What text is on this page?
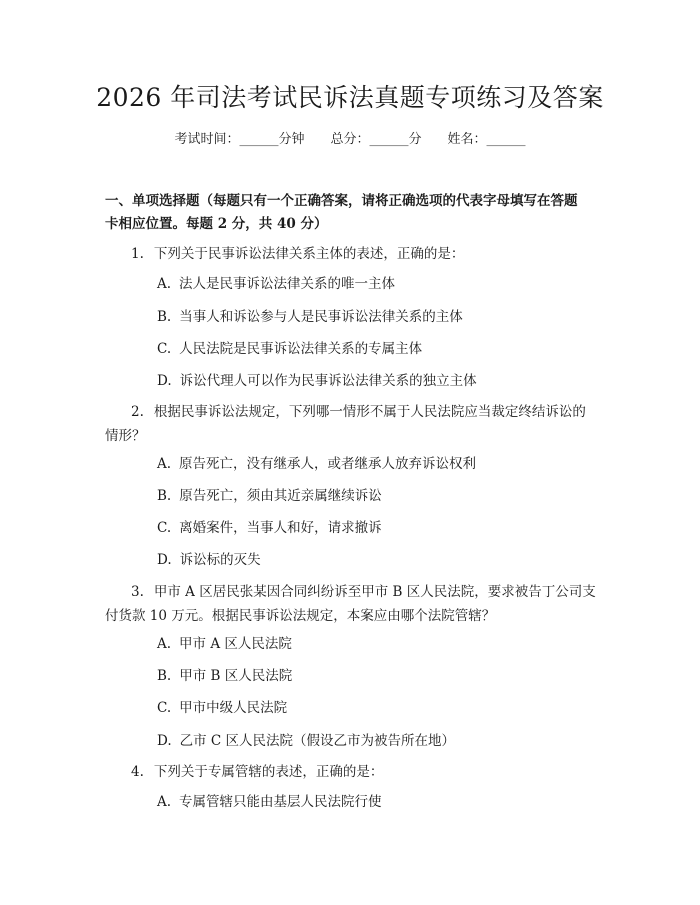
2026 年司法考试民诉法真题专项练习及答案
考试时间：______分钟 总分：______分 姓名：______
一、单项选择题（每题只有一个正确答案，请将正确选项的代表字母填写在答题
卡相应位置。每题 2 分，共 40 分）
1. 下列关于民事诉讼法律关系主体的表述，正确的是：
A. 法人是民事诉讼法律关系的唯一主体
B. 当事人和诉讼参与人是民事诉讼法律关系的主体
C. 人民法院是民事诉讼法律关系的专属主体
D. 诉讼代理人可以作为民事诉讼法律关系的独立主体
2. 根据民事诉讼法规定，下列哪一情形不属于人民法院应当裁定终结诉讼的
情形？
A. 原告死亡，没有继承人，或者继承人放弃诉讼权利
B. 原告死亡，须由其近亲属继续诉讼
C. 离婚案件，当事人和好，请求撤诉
D. 诉讼标的灭失
3. 甲市 A 区居民张某因合同纠纷诉至甲市 B 区人民法院，要求被告丁公司支
付货款 10 万元。根据民事诉讼法规定，本案应由哪个法院管辖？
A. 甲市 A 区人民法院
B. 甲市 B 区人民法院
C. 甲市中级人民法院
D. 乙市 C 区人民法院（假设乙市为被告所在地）
4. 下列关于专属管辖的表述，正确的是：
A. 专属管辖只能由基层人民法院行使
